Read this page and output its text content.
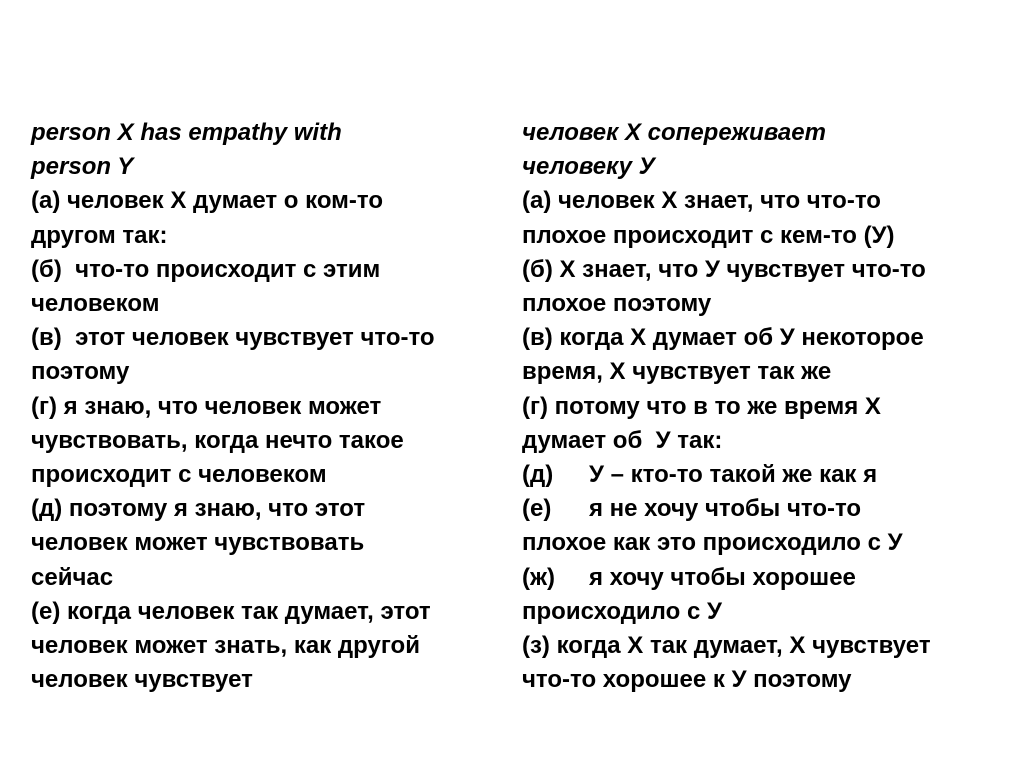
person X has empathy with
person Y
(а) человек Х думает о ком-то
другом так:
(б)  что-то происходит с этим
человеком
(в)  этот человек чувствует что-то
поэтому
(г) я знаю, что человек может
чувствовать, когда нечто такое
происходит с человеком
(д) поэтому я знаю, что этот
человек может чувствовать
сейчас
(е) когда человек так думает, этот
человек может знать, как другой
человек чувствует
человек Х сопереживает
человеку У
(а) человек Х знает, что что-то
плохое происходит с кем-то (У)
(б) Х знает, что У чувствует что-то
плохое поэтому
(в) когда Х думает об У некоторое
время, Х чувствует так же
(г) потому что в то же время Х
думает об  У так:
(д) У – кто-то такой же как я
(е) я не хочу чтобы что-то
плохое как это происходило с У
(ж) я хочу чтобы хорошее
происходило с У
(з) когда Х так думает, Х чувствует
что-то хорошее к У поэтому
